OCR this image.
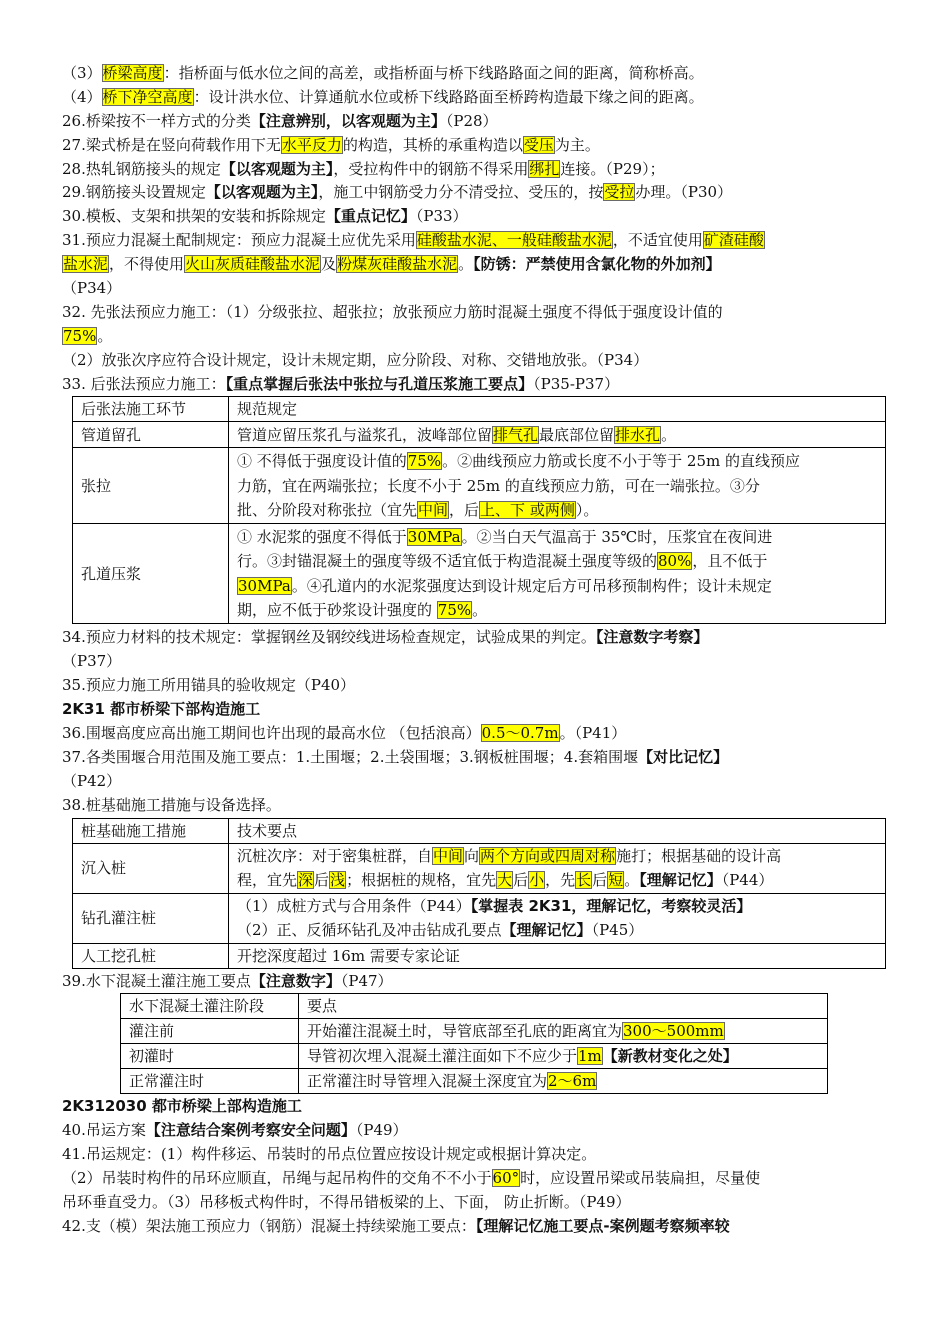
（3）桥梁高度：指桥面与低水位之间的高差，或指桥面与桥下线路路面之间的距离，简称桥高。
（4）桥下净空高度：设计洪水位、计算通航水位或桥下线路路面至桥跨构造最下缘之间的距离。
26.桥梁按不一样方式的分类【注意辨别，以客观题为主】（P28）
27.梁式桥是在竖向荷载作用下无水平反力的构造，其桥的承重构造以受压为主。
28.热轧钢筋接头的规定【以客观题为主】，受拉构件中的钢筋不得采用绑扎连接。（P29）；
29.钢筋接头设置规定【以客观题为主】，施工中钢筋受力分不清受拉、受压的，按受拉办理。（P30）
30.模板、支架和拱架的安装和拆除规定【重点记忆】（P33）
31.预应力混凝土配制规定：预应力混凝土应优先采用硅酸盐水泥、一般硅酸盐水泥，不适宜使用矿渣硅酸
盐水泥，不得使用火山灰质硅酸盐水泥及粉煤灰硅酸盐水泥。【防锈：严禁使用含氯化物的外加剂】
（P34）
32. 先张法预应力施工：（1）分级张拉、超张拉；放张预应力筋时混凝土强度不得低于强度设计值的
75%。
（2）放张次序应符合设计规定，设计未规定期，应分阶段、对称、交错地放张。（P34）
33. 后张法预应力施工：【重点掌握后张法中张拉与孔道压浆施工要点】（P35-P37）
后张法施工环节	规范规定
管道留孔	管道应留压浆孔与溢浆孔，波峰部位留排气孔最底部位留排水孔。
张拉	① 不得低于强度设计值的75%。②曲线预应力筋或长度不小于等于 25m 的直线预应
力筋，宜在两端张拉；长度不小于 25m 的直线预应力筋，可在一端张拉。③分
批、分阶段对称张拉（宜先中间，后上、下 或两侧）。

孔道压浆	① 水泥浆的强度不得低于30MPa。②当白天气温高于 35℃时，压浆宜在夜间进
行。③封锚混凝土的强度等级不适宜低于构造混凝土强度等级的80%，且不低于
30MPa。④孔道内的水泥浆强度达到设计规定后方可吊移预制构件；设计未规定
期，应不低于砂浆设计强度的 75%。
34.预应力材料的技术规定：掌握钢丝及钢绞线进场检查规定，试验成果的判定。【注意数字考察】
（P37）
35.预应力施工所用锚具的验收规定（P40）
2K31 都市桥梁下部构造施工
36.围堰高度应高出施工期间也许出现的最高水位 （包括浪高）0.5～0.7m。（P41）
37.各类围堰合用范围及施工要点：1.土围堰；2.土袋围堰；3.钢板桩围堰；4.套箱围堰【对比记忆】
（P42）
38.桩基础施工措施与设备选择。
桩基础施工措施	技术要点
沉入桩	沉桩次序：对于密集桩群，自中间向两个方向或四周对称施打；根据基础的设计高
程，宜先深后浅；根据桩的规格，宜先大后小，先长后短。【理解记忆】（P44）

钻孔灌注桩	（1）成桩方式与合用条件（P44）【掌握表 2K31，理解记忆，考察较灵活】
（2）正、反循环钻孔及冲击钻成孔要点【理解记忆】（P45）

人工挖孔桩	开挖深度超过 16m 需要专家论证
39.水下混凝土灌注施工要点【注意数字】（P47）
水下混凝土灌注阶段	要点
灌注前	开始灌注混凝土时，导管底部至孔底的距离宜为300～500mm
初灌时	导管初次埋入混凝土灌注面如下不应少于1m【新教材变化之处】
正常灌注时	正常灌注时导管埋入混凝土深度宜为2～6m
2K312030 都市桥梁上部构造施工
40.吊运方案【注意结合案例考察安全问题】（P49）
41.吊运规定：(1）构件移运、吊装时的吊点位置应按设计规定或根据计算决定。
（2）吊装时构件的吊环应顺直，吊绳与起吊构件的交角不不小于60°时，应设置吊梁或吊装扁担，尽量使
吊环垂直受力。（3）吊移板式构件时，不得吊错板梁的上、下面， 防止折断。（P49）
42.支（模）架法施工预应力（钢筋）混凝土持续梁施工要点：【理解记忆施工要点-案例题考察频率较
